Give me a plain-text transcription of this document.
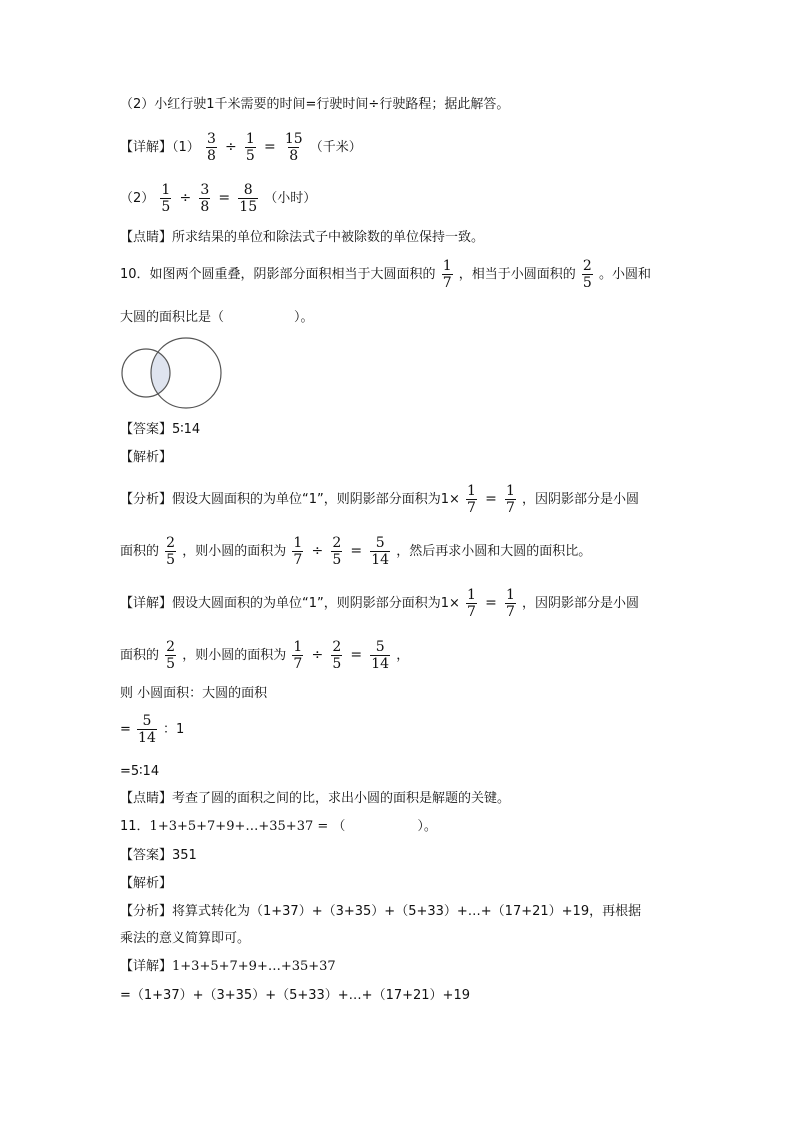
（2）小红行驶1千米需要的时间=行驶时间÷行驶路程；据此解答。
【详解】$(1) \frac{3}{8} \div \frac{1}{5} = \frac{15}{8}$ （千米）
$(2) \frac{1}{5} \div \frac{3}{8} = \frac{8}{15}$ （小时）
【点睛】所求结果的单位和除法式子中被除数的单位保持一致。
10．如图两个圆重叠，阴影部分面积相当于大圆面积的 $\frac{1}{7}$ ，相当于小圆面积的 $\frac{2}{5}$ 。小圆和
大圆的面积比是（	）。
【答案】5∶14
【解析】
【分析】假设大圆面积的为单位“1”，则阴影部分面积为$1\times \frac{1}{7} = \frac{1}{7}$ ，因阴影部分是小圆
面积的 $\frac{2}{5}$ ，则小圆的面积为 $\frac{1}{7} \div \frac{2}{5} = \frac{5}{14}$ ，然后再求小圆和大圆的面积比。
【详解】假设大圆面积的为单位“1”，则阴影部分面积为$1\times \frac{1}{7} = \frac{1}{7}$ ，因阴影部分是小圆
面积的 $\frac{2}{5}$ ，则小圆的面积为 $\frac{1}{7} \div \frac{2}{5} = \frac{5}{14}$ ，
则 小圆面积：大圆的面积
= $\frac{5}{14}$ ：1
=5∶14
【点睛】考查了圆的面积之间的比，求出小圆的面积是解题的关键。
11．1+3+5+7+9+…+35+37 = （	）。
【答案】351
【解析】
【分析】将算式转化为（1+37）+（3+35）+（5+33）+…+（17+21）+19，再根据
乘法的意义简算即可。
【详解】1+3+5+7+9+…+35+37
=（1+37）+（3+35）+（5+33）+…+（17+21）+19
